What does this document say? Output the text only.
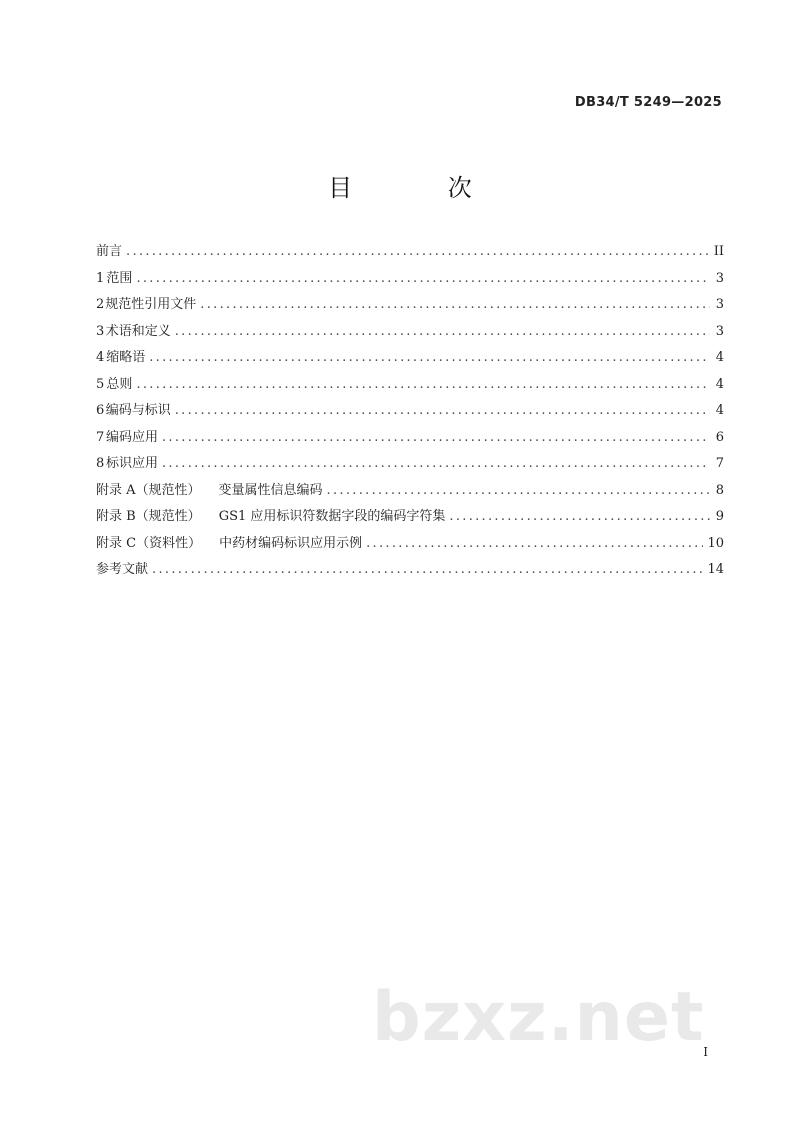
DB34/T 5249—2025
目 次
前言 .....	II
1 范围 .....	3
2 规范性引用文件 .....	3
3 术语和定义 .....	3
4 缩略语 .....	4
5 总则 .....	4
6 编码与标识 .....	4
7 编码应用 .....	6
8 标识应用 .....	7
附录 A（规范性） 变量属性信息编码 .....	8
附录 B（规范性） GS1 应用标识符数据字段的编码字符集 .....	9
附录 C（资料性） 中药材编码标识应用示例 .....	10
参考文献 .....	14
bzxz.net
I
